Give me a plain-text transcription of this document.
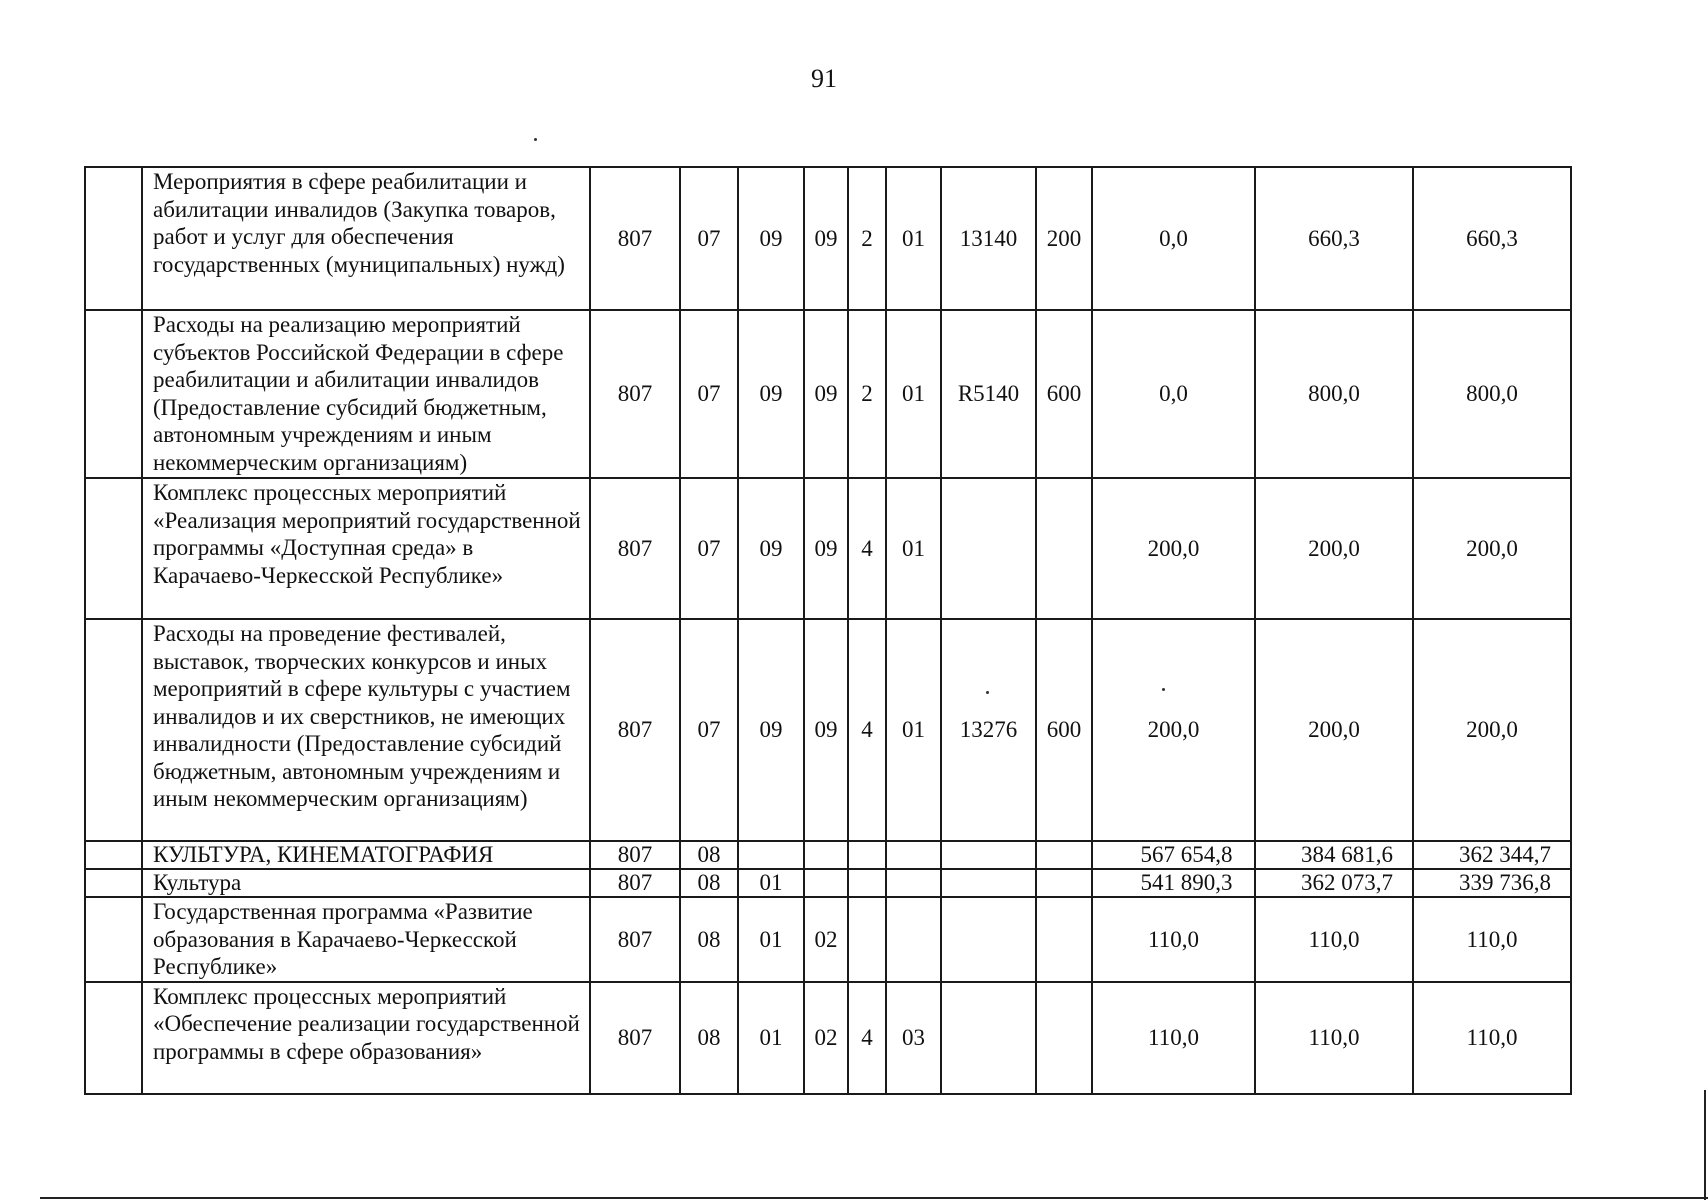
91
	Мероприятия в сфере реабилитации и абилитации инвалидов (Закупка товаров, работ и услуг для обеспечения государственных (муниципальных) нужд)	807	07	09	09	2	01	13140	200	0,0	660,3	660,3
	Расходы на реализацию мероприятий субъектов Российской Федерации в сфере реабилитации и абилитации инвалидов (Предоставление субсидий бюджетным, автономным учреждениям и иным некоммерческим организациям)	807	07	09	09	2	01	R5140	600	0,0	800,0	800,0
	Комплекс процессных мероприятий «Реализация мероприятий государственной программы «Доступная среда» в Карачаево-Черкесской Республике»	807	07	09	09	4	01			200,0	200,0	200,0
	Расходы на проведение фестивалей, выставок, творческих конкурсов и иных мероприятий в сфере культуры с участием инвалидов и их сверстников, не имеющих инвалидности (Предоставление субсидий бюджетным, автономным учреждениям и иным некоммерческим организациям)	807	07	09	09	4	01	13276	600	200,0	200,0	200,0
	КУЛЬТУРА, КИНЕМАТОГРАФИЯ	807	08							567 654,8	384 681,6	362 344,7
	Культура	807	08	01						541 890,3	362 073,7	339 736,8
	Государственная программа «Развитие образования в Карачаево-Черкесской Республике»	807	08	01	02					110,0	110,0	110,0
	Комплекс процессных мероприятий «Обеспечение реализации государственной программы в сфере образования»	807	08	01	02	4	03			110,0	110,0	110,0
